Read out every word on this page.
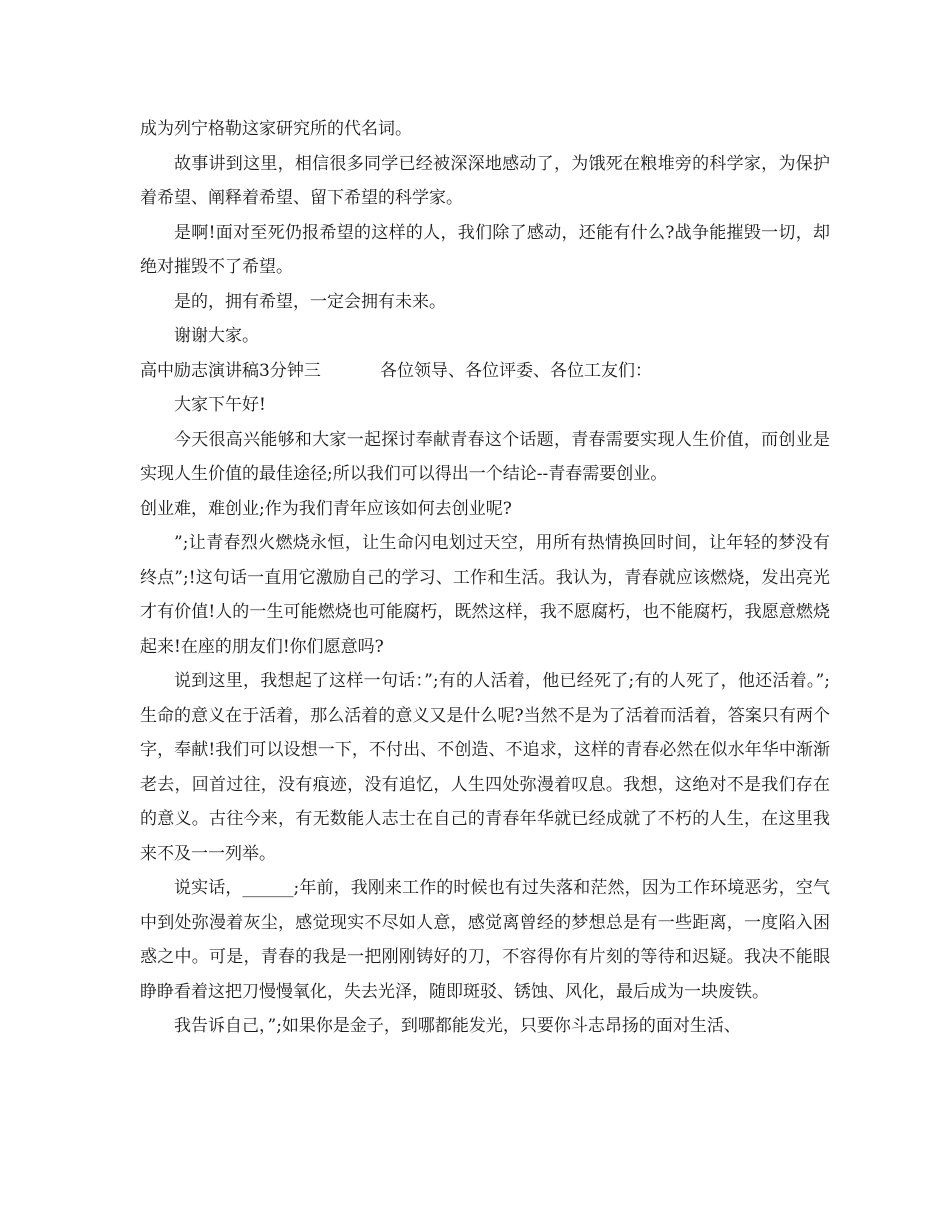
成为列宁格勒这家研究所的代名词。

故事讲到这里，相信很多同学已经被深深地感动了，为饿死在粮堆旁的科学家，为保护着希望、阐释着希望、留下希望的科学家。

是啊!面对至死仍报希望的这样的人，我们除了感动，还能有什么?战争能摧毁一切，却绝对摧毁不了希望。

是的，拥有希望，一定会拥有未来。

谢谢大家。

高中励志演讲稿3分钟三	各位领导、各位评委、各位工友们：

大家下午好!

今天很高兴能够和大家一起探讨奉献青春这个话题，青春需要实现人生价值，而创业是实现人生价值的最佳途径;所以我们可以得出一个结论--青春需要创业。

创业难，难创业;作为我们青年应该如何去创业呢?

”;让青春烈火燃烧永恒，让生命闪电划过天空，用所有热情换回时间，让年轻的梦没有终点”;!这句话一直用它激励自己的学习、工作和生活。我认为，青春就应该燃烧，发出亮光才有价值!人的一生可能燃烧也可能腐朽，既然这样，我不愿腐朽，也不能腐朽，我愿意燃烧起来!在座的朋友们!你们愿意吗?

说到这里，我想起了这样一句话：”;有的人活着，他已经死了;有的人死了，他还活着。”;生命的意义在于活着，那么活着的意义又是什么呢?当然不是为了活着而活着，答案只有两个字，奉献!我们可以设想一下，不付出、不创造、不追求，这样的青春必然在似水年华中渐渐老去，回首过往，没有痕迹，没有追忆，人生四处弥漫着叹息。我想，这绝对不是我们存在的意义。古往今来，有无数能人志士在自己的青春年华就已经成就了不朽的人生，在这里我来不及一一列举。

说实话，______;年前，我刚来工作的时候也有过失落和茫然，因为工作环境恶劣，空气中到处弥漫着灰尘，感觉现实不尽如人意，感觉离曾经的梦想总是有一些距离，一度陷入困惑之中。可是，青春的我是一把刚刚铸好的刀，不容得你有片刻的等待和迟疑。我决不能眼睁睁看着这把刀慢慢氧化，失去光泽，随即斑驳、锈蚀、风化，最后成为一块废铁。

我告诉自己，”;如果你是金子，到哪都能发光，只要你斗志昂扬的面对生活、
